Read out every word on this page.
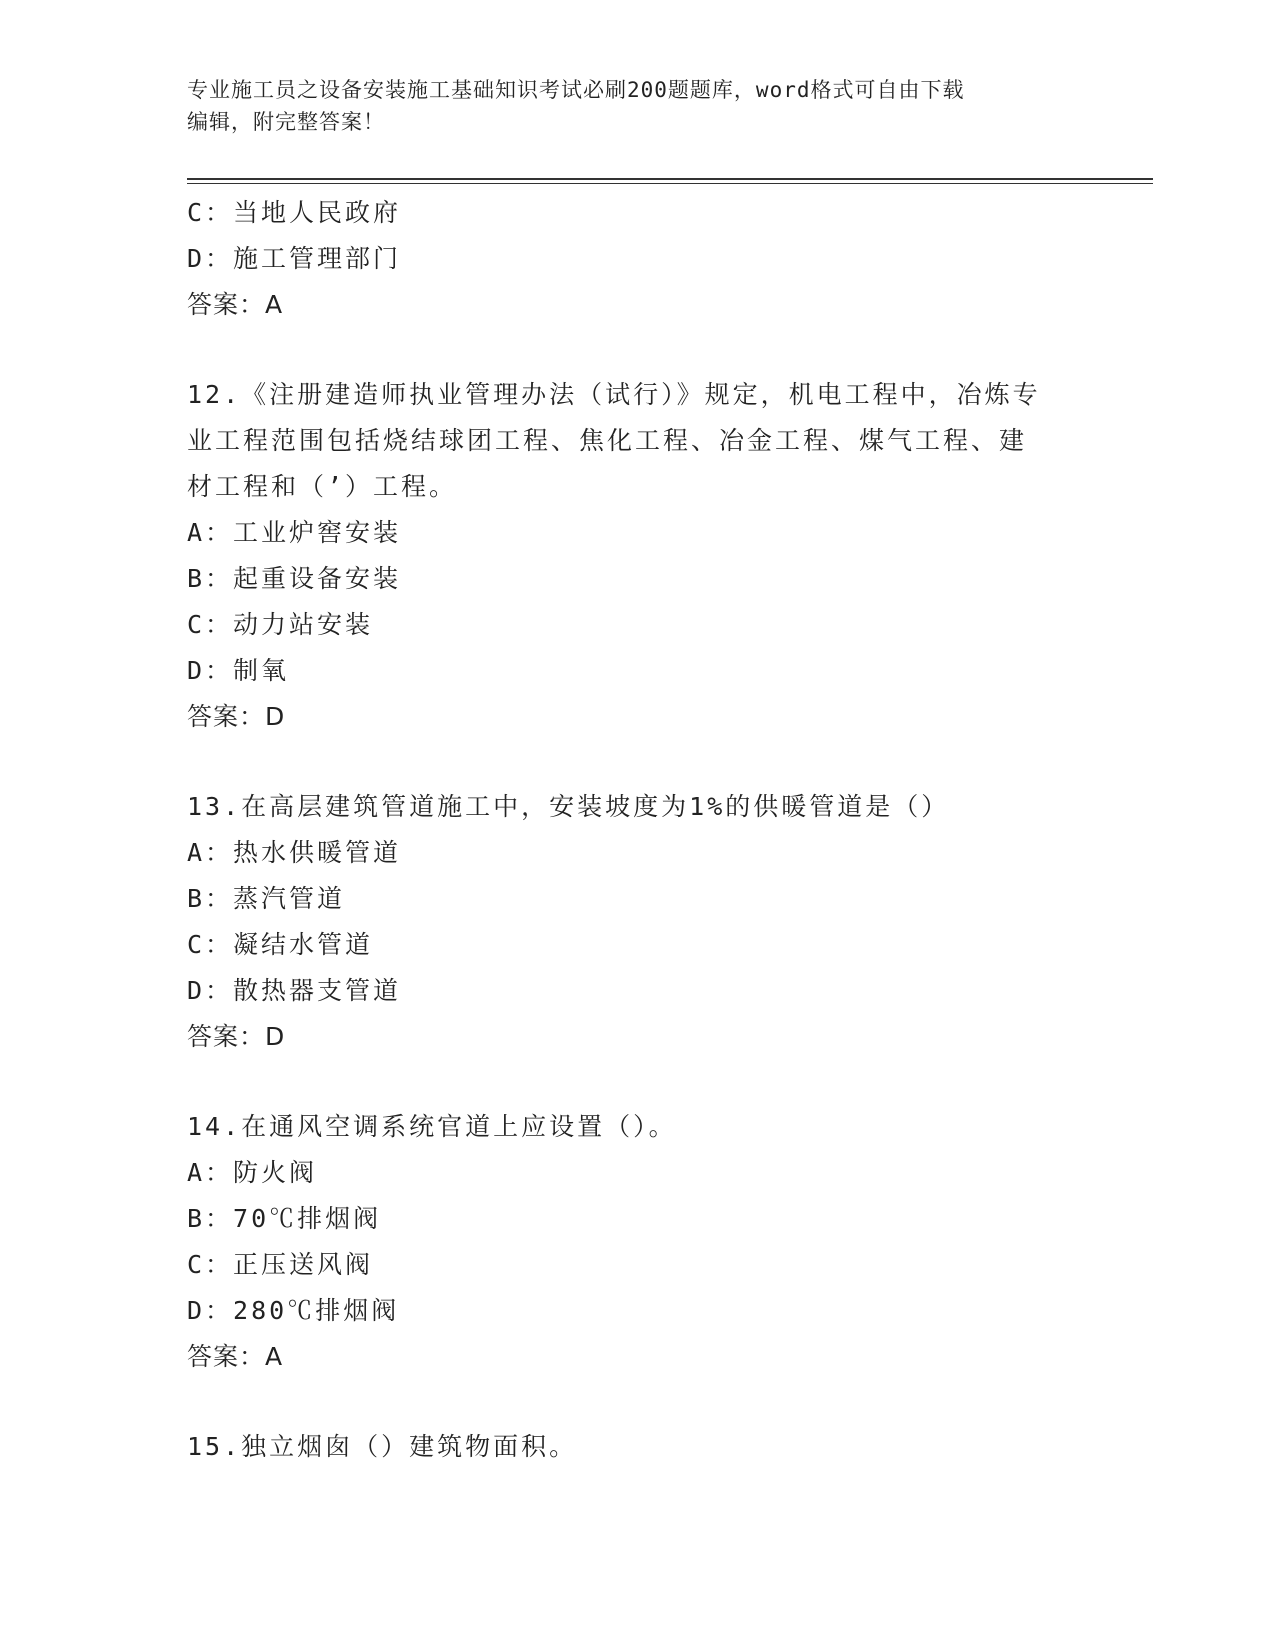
专业施工员之设备安装施工基础知识考试必刷200题题库，word格式可自由下载
编辑，附完整答案！
C：当地人民政府
D：施工管理部门
答案：A
12.《注册建造师执业管理办法（试行）》规定，机电工程中，冶炼专
业工程范围包括烧结球团工程、焦化工程、冶金工程、煤气工程、建
材工程和（’）工程。
A：工业炉窖安装
B：起重设备安装
C：动力站安装
D：制氧
答案：D
13.在高层建筑管道施工中，安装坡度为1%的供暖管道是（）
A：热水供暖管道
B：蒸汽管道
C：凝结水管道
D：散热器支管道
答案：D
14.在通风空调系统官道上应设置（）。
A：防火阀
B：70℃排烟阀
C：正压送风阀
D：280℃排烟阀
答案：A
15.独立烟囱（）建筑物面积。
